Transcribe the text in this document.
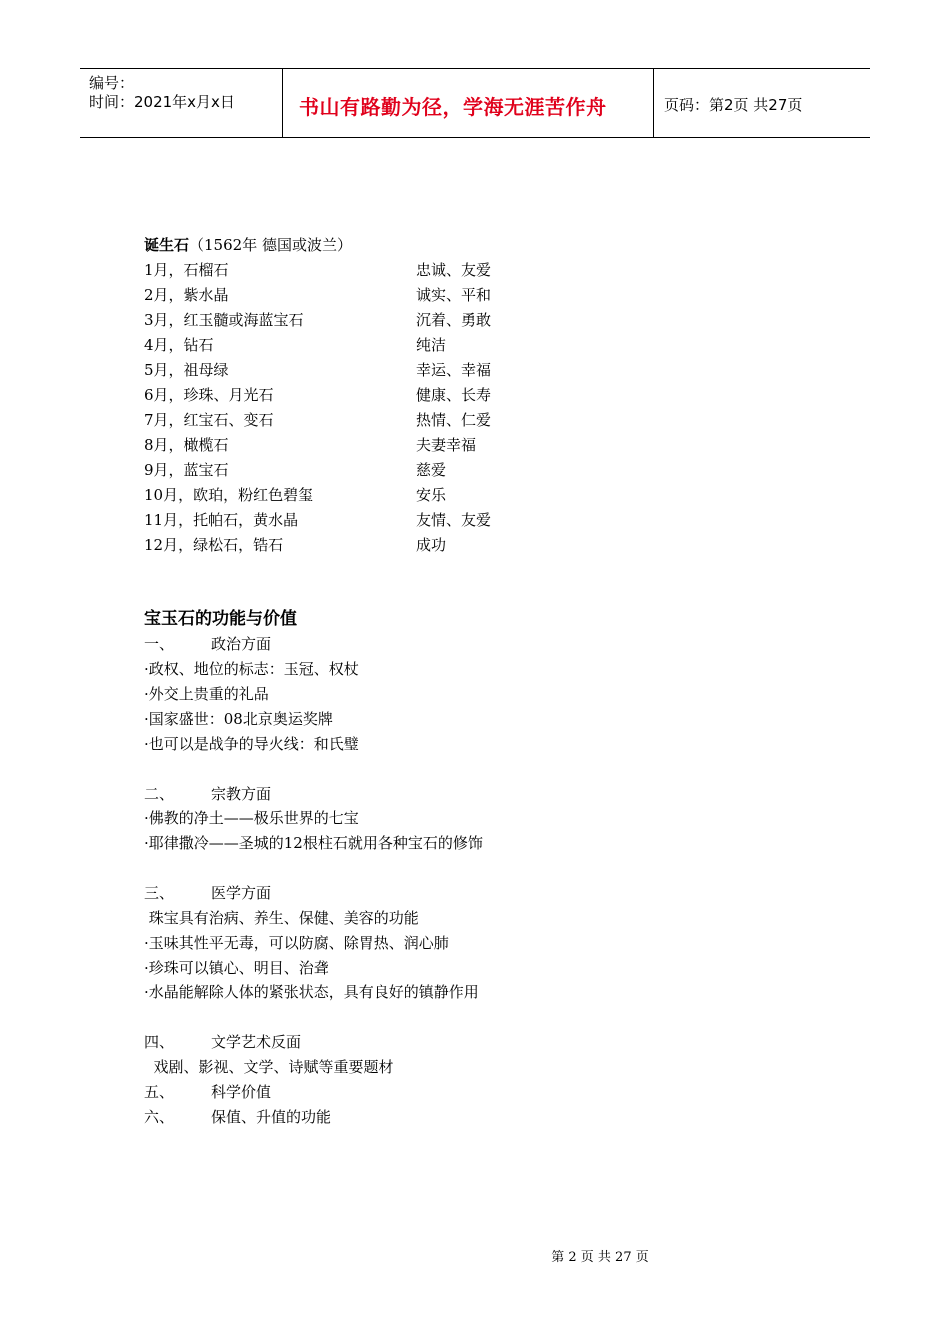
编号：
时间：2021年x月x日	书山有路勤为径，学海无涯苦作舟	页码：第2页 共27页
诞生石（1562年 德国或波兰）
1月，石榴石	忠诚、友爱
2月，紫水晶	诚实、平和
3月，红玉髓或海蓝宝石	沉着、勇敢
4月，钻石	纯洁
5月，祖母绿	幸运、幸福
6月，珍珠、月光石	健康、长寿
7月，红宝石、变石	热情、仁爱
8月，橄榄石	夫妻幸福
9月，蓝宝石	慈爱
10月，欧珀，粉红色碧玺	安乐
11月，托帕石，黄水晶	友情、友爱
12月，绿松石，锆石	成功
宝玉石的功能与价值
一、 政治方面
·政权、地位的标志：玉冠、权杖
·外交上贵重的礼品
·国家盛世：08北京奥运奖牌
·也可以是战争的导火线：和氏璧
二、 宗教方面
·佛教的净土——极乐世界的七宝
·耶律撒冷——圣城的12根柱石就用各种宝石的修饰
三、 医学方面
珠宝具有治病、养生、保健、美容的功能
·玉味其性平无毒，可以防腐、除胃热、润心肺
·珍珠可以镇心、明目、治聋
·水晶能解除人体的紧张状态，具有良好的镇静作用
四、 文学艺术反面
戏剧、影视、文学、诗赋等重要题材
五、 科学价值
六、 保值、升值的功能
第 2 页 共 27 页
